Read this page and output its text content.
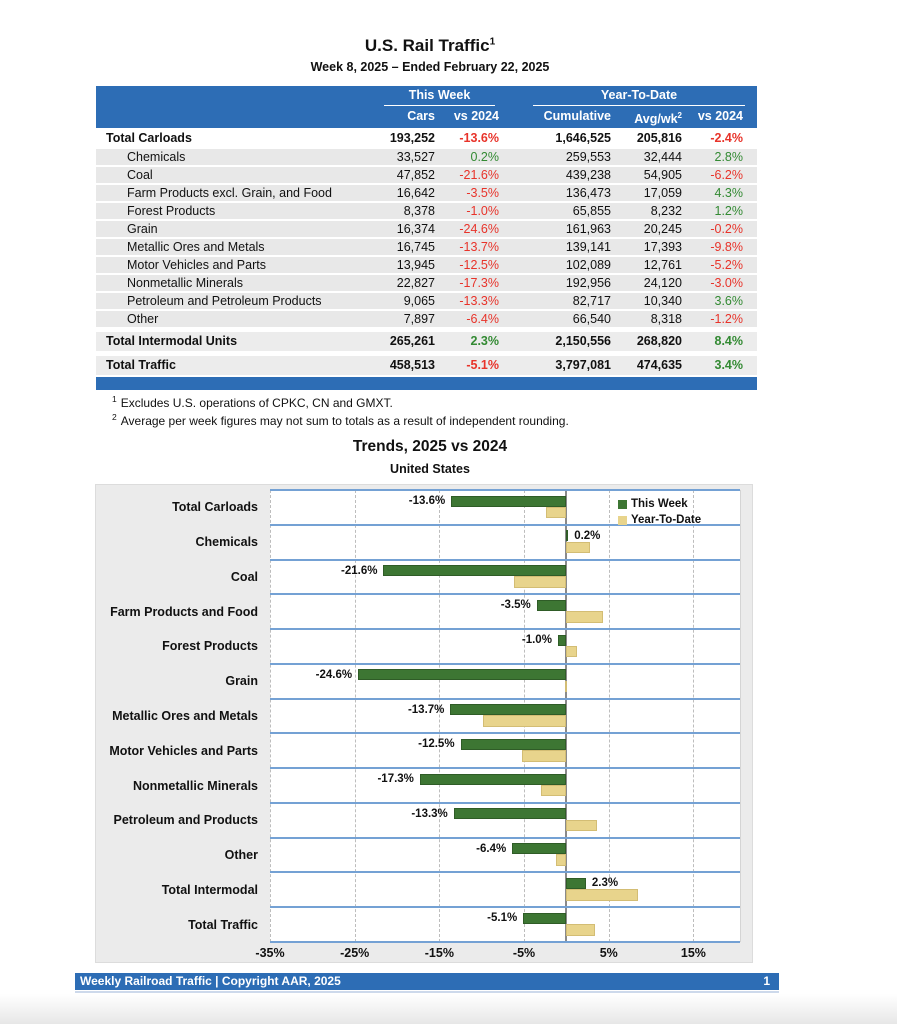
U.S. Rail Traffic$^1$
Week 8, 2025 – Ended February 22, 2025
This Week	Year-To-Date
Cars	vs 2024	Cumulative	Avg/$wk^2$	vs 2024
Total Carloads	193,252	-13.6%	1,646,525	205,816	-2.4%
Chemicals	33,527	0.2%	259,553	32,444	2.8%
Coal	47,852	-21.6%	439,238	54,905	-6.2%
Farm Products excl. Grain, and Food	16,642	-3.5%	136,473	17,059	4.3%
Forest Products	8,378	-1.0%	65,855	8,232	1.2%
Grain	16,374	-24.6%	161,963	20,245	-0.2%
Metallic Ores and Metals	16,745	-13.7%	139,141	17,393	-9.8%
Motor Vehicles and Parts	13,945	-12.5%	102,089	12,761	-5.2%
Nonmetallic Minerals	22,827	-17.3%	192,956	24,120	-3.0%
Petroleum and Petroleum Products	9,065	-13.3%	82,717	10,340	3.6%
Other	7,897	-6.4%	66,540	8,318	-1.2%
Total Intermodal Units	265,261	2.3%	2,150,556	268,820	8.4%
Total Traffic	458,513	-5.1%	3,797,081	474,635	3.4%
$^1$ Excludes U.S. operations of CPKC, CN and GMXT.
$^2$ Average per week figures may not sum to totals as a result of independent rounding.
Trends, 2025 vs 2024
United States
Total Carloads
Chemicals
Coal
Farm Products and Food
Forest Products
Grain
Metallic Ores and Metals
Motor Vehicles and Parts
Nonmetallic Minerals
Petroleum and Products
Other
Total Intermodal
Total Traffic
This Week
Year-To-Date
-13.6%
0.2%
-21.6%
-3.5%
-1.0%
-24.6%
-13.7%
-12.5%
-17.3%
-13.3%
-6.4%
2.3%
-5.1%
-35%	-25%	-15%	-5%	5%	15%
Weekly Railroad Traffic | Copyright AAR, 2025	1
